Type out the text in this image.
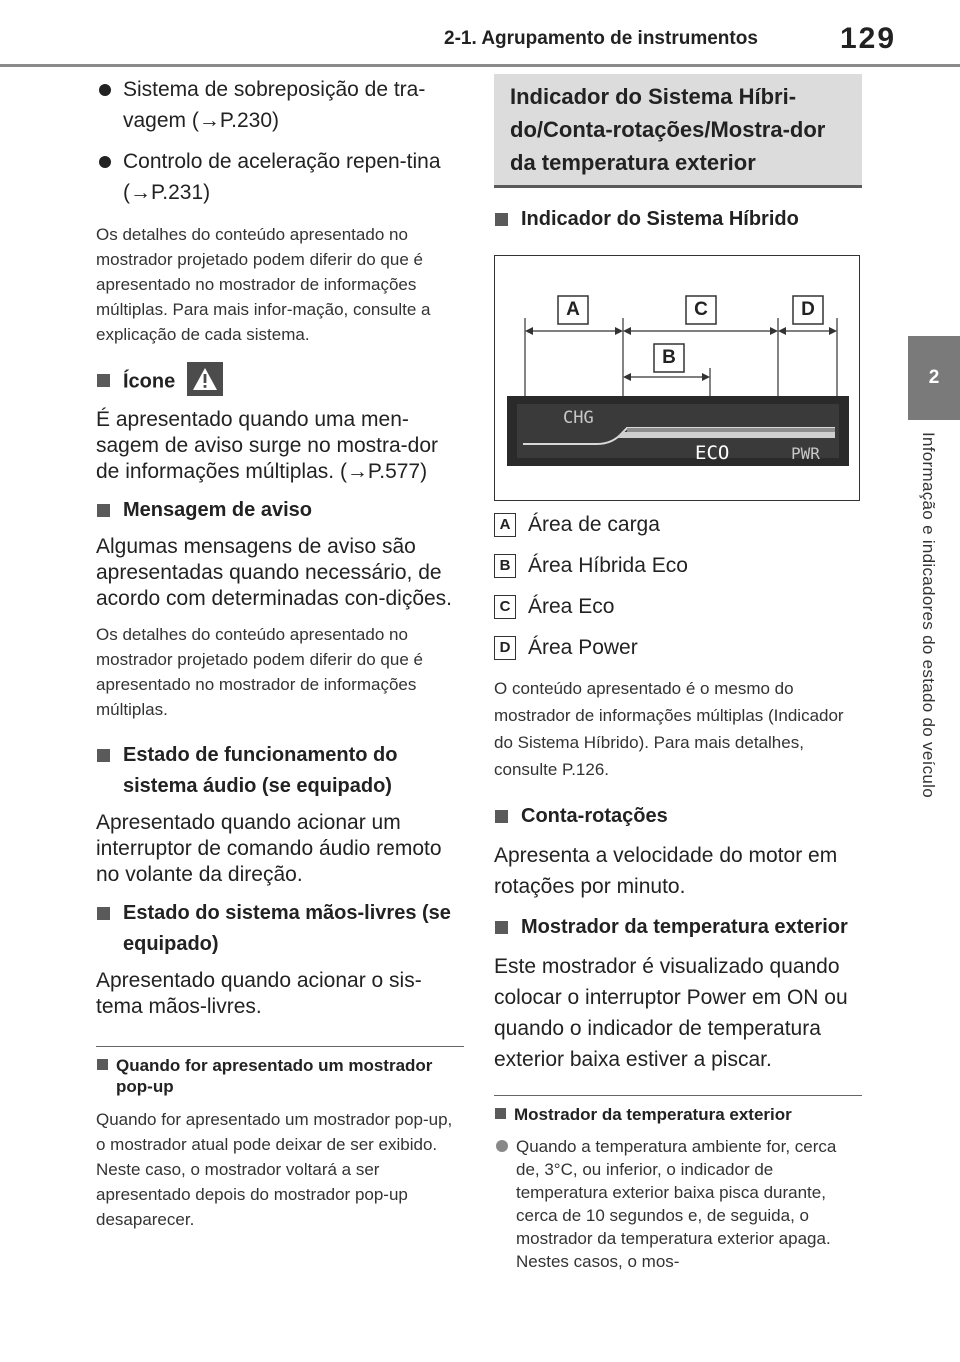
2-1. Agrupamento de instrumentos	129
2
Informação e indicadores do estado do veículo

Sistema de sobreposição de tra-vagem (→P.230)

Controlo de aceleração repen-tina (→P.231)

Os detalhes do conteúdo apresentado no mostrador projetado podem diferir do que é apresentado no mostrador de informações múltiplas. Para mais infor-mação, consulte a explicação de cada sistema.

Ícone

É apresentado quando uma men-sagem de aviso surge no mostra-dor de informações múltiplas. (→P.577)

Mensagem de aviso

Algumas mensagens de aviso são apresentadas quando necessário, de acordo com determinadas con-dições.

Os detalhes do conteúdo apresentado no mostrador projetado podem diferir do que é apresentado no mostrador de informações múltiplas.

Estado de funcionamento do sistema áudio (se equipado)

Apresentado quando acionar um interruptor de comando áudio remoto no volante da direção.

Estado do sistema mãos-livres (se equipado)

Apresentado quando acionar o sis-tema mãos-livres.

Quando for apresentado um mostrador pop-up

Quando for apresentado um mostrador pop-up, o mostrador atual pode deixar de ser exibido. Neste caso, o mostrador voltará a ser apresentado depois do mostrador pop-up desaparecer.

Indicador do Sistema Híbri-do/Conta-rotações/Mostra-dor da temperatura exterior
Indicador do Sistema Híbrido
A	C	D
B
CHG
ECO	PWR
A Área de carga
B Área Híbrida Eco
C Área Eco
D Área Power

O conteúdo apresentado é o mesmo do mostrador de informações múltiplas (Indicador do Sistema Híbrido). Para mais detalhes, consulte P.126.

Conta-rotações

Apresenta a velocidade do motor em rotações por minuto.

Mostrador da temperatura exterior

Este mostrador é visualizado quando colocar o interruptor Power em ON ou quando o indicador de temperatura exterior baixa estiver a piscar.

Mostrador da temperatura exterior

Quando a temperatura ambiente for, cerca de, 3°C, ou inferior, o indicador de temperatura exterior baixa pisca durante, cerca de 10 segundos e, de seguida, o mostrador da temperatura exterior apaga. Nestes casos, o mos-
